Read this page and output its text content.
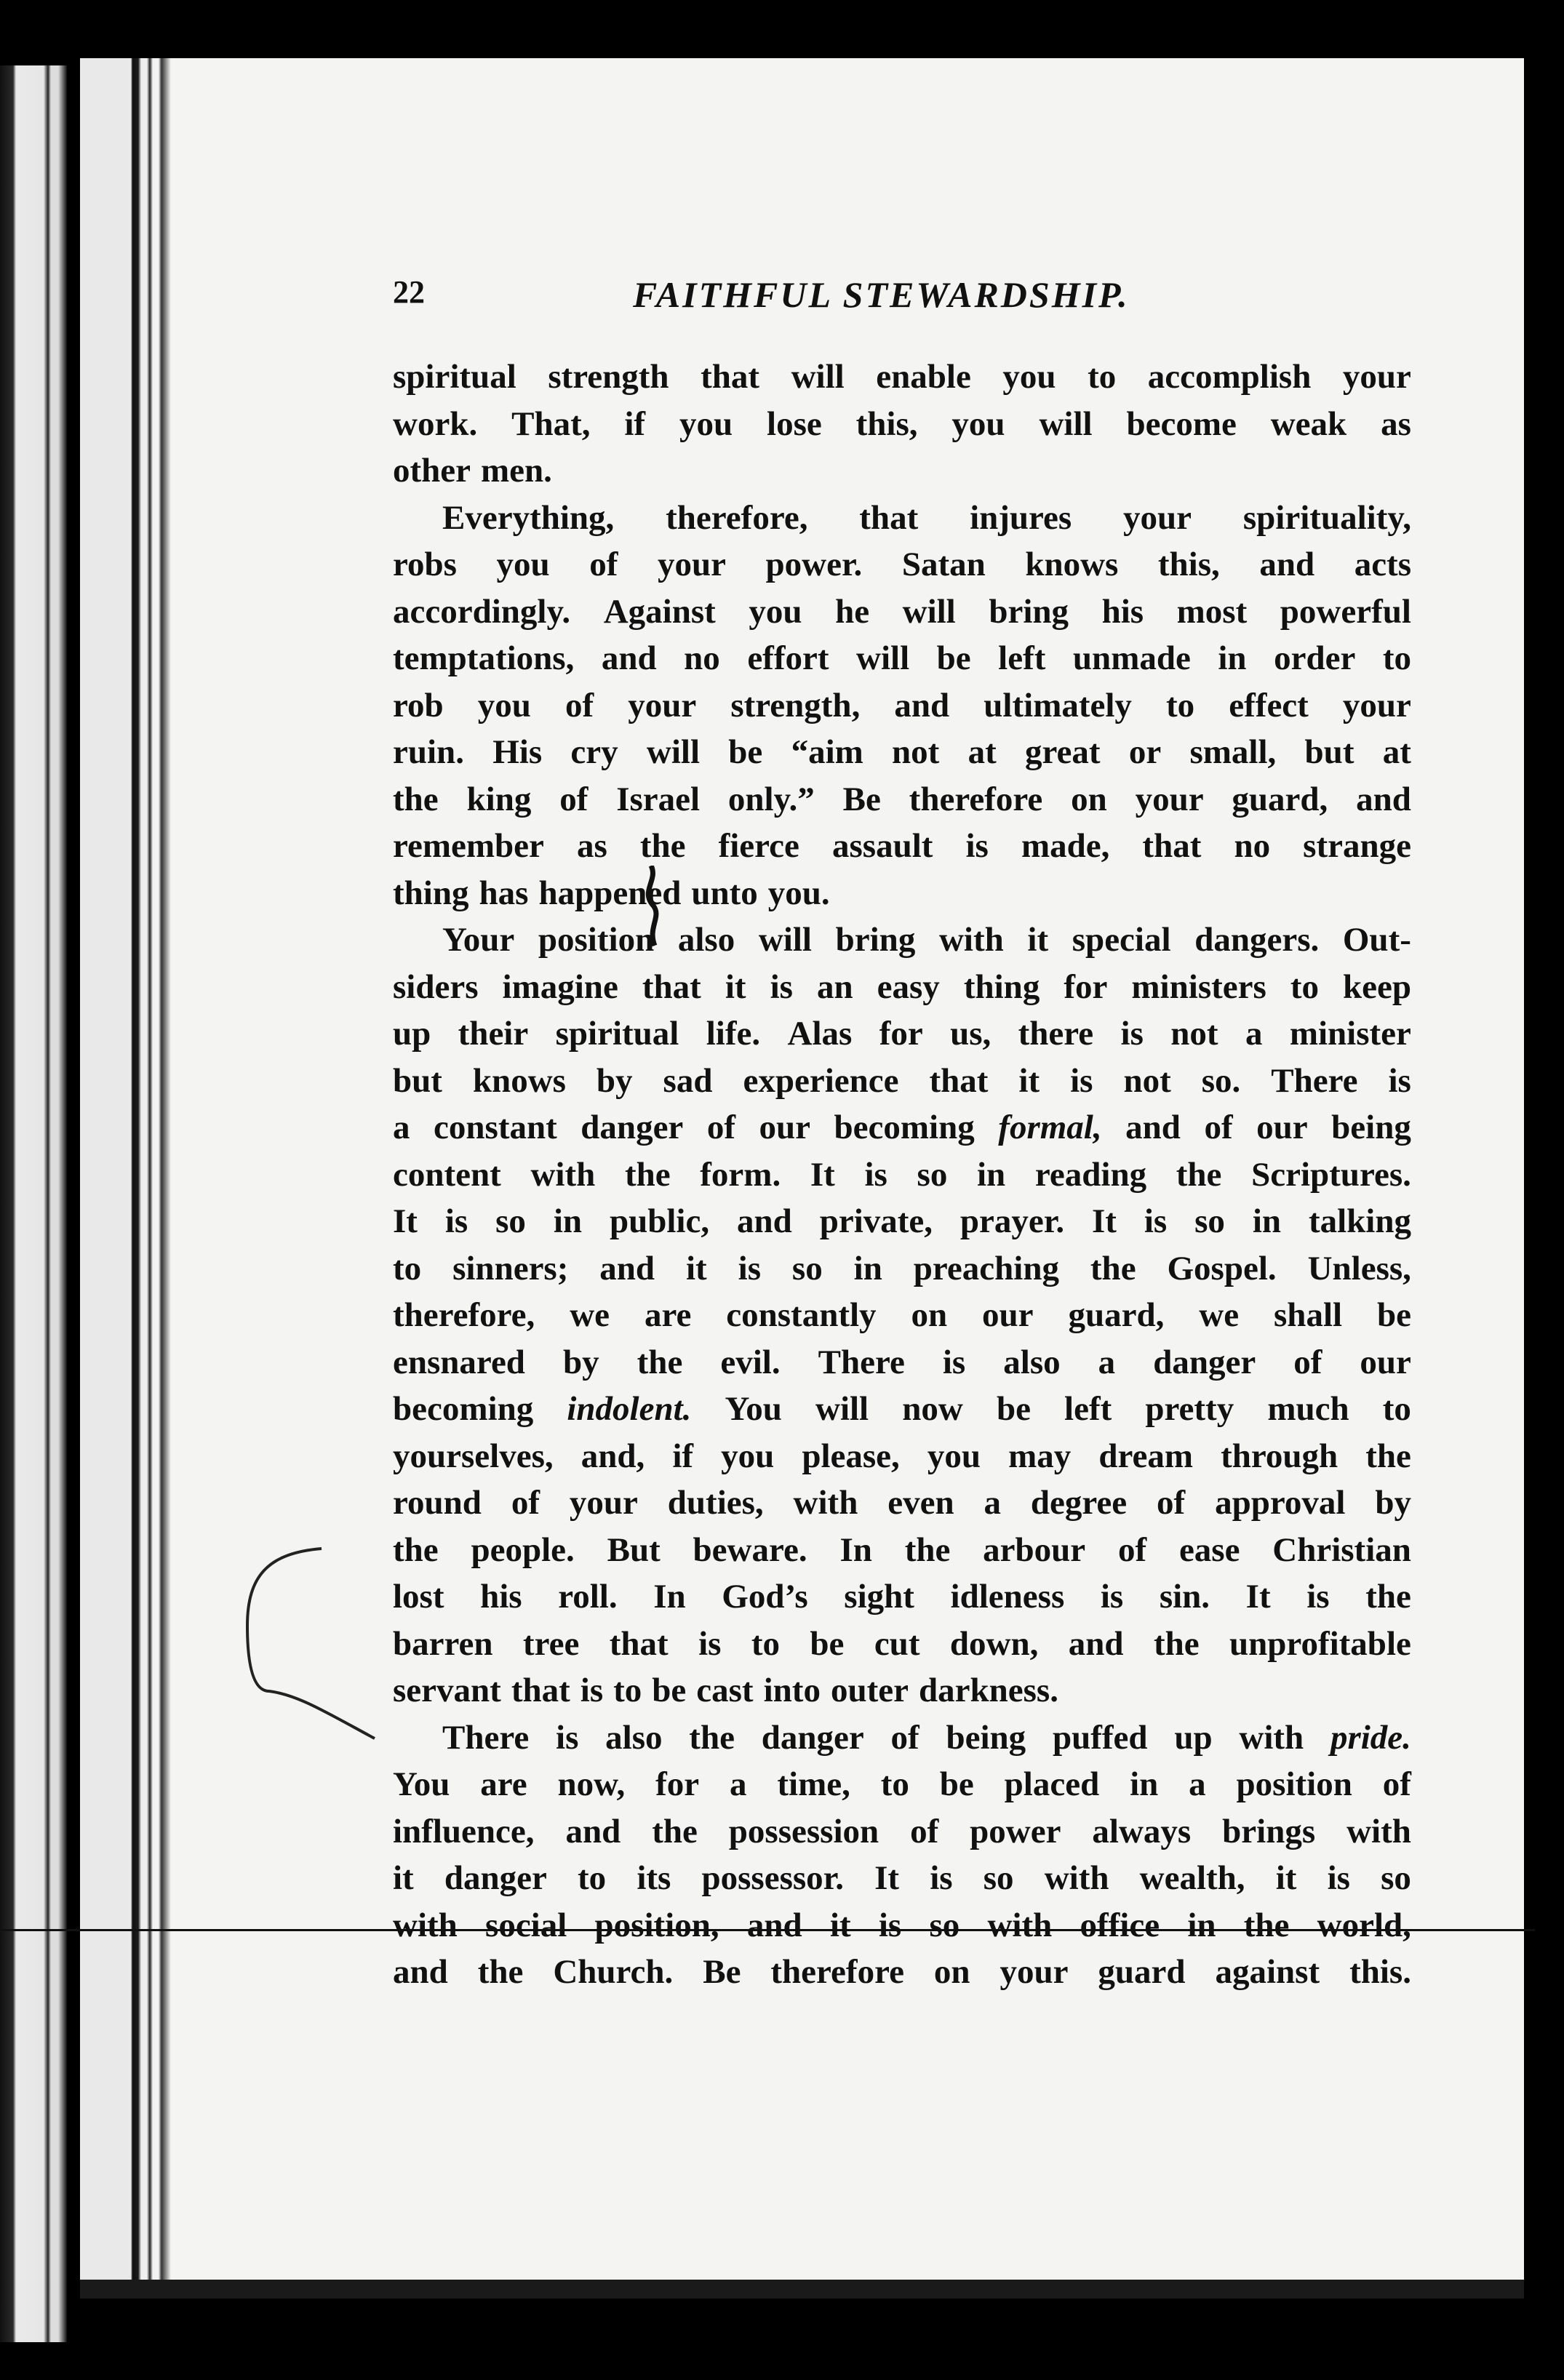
22	FAITHFUL STEWARDSHIP.
spiritual strength that will enable you to accomplish your
work. That, if you lose this, you will become weak as
other men.
Everything, therefore, that injures your spirituality,
robs you of your power. Satan knows this, and acts
accordingly. Against you he will bring his most powerful
temptations, and no effort will be left unmade in order to
rob you of your strength, and ultimately to effect your
ruin. His cry will be “aim not at great or small, but at
the king of Israel only.” Be therefore on your guard, and
remember as the fierce assault is made, that no strange
thing has happened unto you.
Your position also will bring with it special dangers. Out-
siders imagine that it is an easy thing for ministers to keep
up their spiritual life. Alas for us, there is not a minister
but knows by sad experience that it is not so. There is
a constant danger of our becoming formal, and of our being
content with the form. It is so in reading the Scriptures.
It is so in public, and private, prayer. It is so in talking
to sinners; and it is so in preaching the Gospel. Unless,
therefore, we are constantly on our guard, we shall be
ensnared by the evil. There is also a danger of our
becoming indolent. You will now be left pretty much to
yourselves, and, if you please, you may dream through the
round of your duties, with even a degree of approval by
the people. But beware. In the arbour of ease Christian
lost his roll. In God’s sight idleness is sin. It is the
barren tree that is to be cut down, and the unprofitable
servant that is to be cast into outer darkness.
There is also the danger of being puffed up with pride.
You are now, for a time, to be placed in a position of
influence, and the possession of power always brings with
it danger to its possessor. It is so with wealth, it is so
with social position, and it is so with office in the world,
and the Church. Be therefore on your guard against this.
